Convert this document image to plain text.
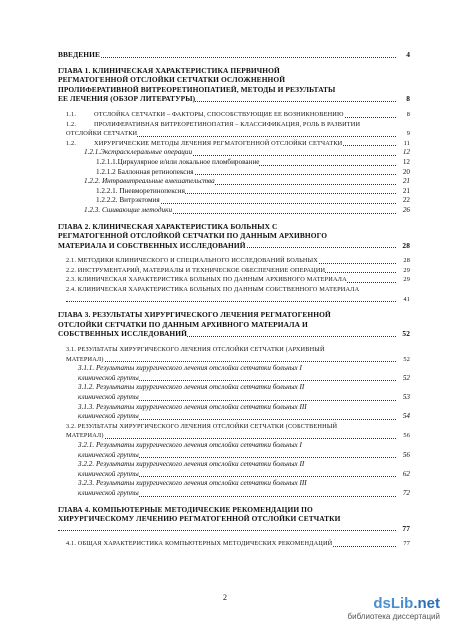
ВВЕДЕНИЕ	4
ГЛАВА 1. КЛИНИЧЕСКАЯ ХАРАКТЕРИСТИКА ПЕРВИЧНОЙ
РЕГМАТОГЕННОЙ ОТСЛОЙКИ СЕТЧАТКИ ОСЛОЖНЕННОЙ
ПРОЛИФЕРАТИВНОЙ ВИТРЕОРЕТИНОПАТИЕЙ, МЕТОДЫ И РЕЗУЛЬТАТЫ
ЕЕ ЛЕЧЕНИЯ (ОБЗОР ЛИТЕРАТУРЫ)	8
1.1.	ОТСЛОЙКА СЕТЧАТКИ – ФАКТОРЫ, СПОСОБСТВУЮЩИЕ ЕЕ ВОЗНИКНОВЕНИЮ	8
1.2.	ПРОЛИФЕРАТИВНАЯ ВИТРЕОРЕТИНОПАТИЯ – КЛАССИФИКАЦИЯ, РОЛЬ В РАЗВИТИИ
ОТСЛОЙКИ СЕТЧАТКИ	9
1.2.	ХИРУРГИЧЕСКИЕ МЕТОДЫ ЛЕЧЕНИЯ РЕГМАТОГЕННОЙ ОТСЛОЙКИ СЕТЧАТКИ	11
1.2.1.Экстрасклеральные операции	12
1.2.1.1.Циркулярное и/или локальное пломбирование	12
1.2.1.2 Баллонная ретинопексия	20
1.2.2. Интравитреальные вмешательства	21
1.2.2.1. Пневморетинопексия	21
1.2.2.2. Витрэктомия	22
1.2.3. Сшивающие методики	26
ГЛАВА 2. КЛИНИЧЕСКАЯ ХАРАКТЕРИСТИКА БОЛЬНЫХ С
РЕГМАТОГЕННОЙ ОТСЛОЙКОЙ СЕТЧАТКИ ПО ДАННЫМ АРХИВНОГО
МАТЕРИАЛА И СОБСТВЕННЫХ ИССЛЕДОВАНИЙ	28
2.1. МЕТОДИКИ КЛИНИЧЕСКОГО И СПЕЦИАЛЬНОГО ИССЛЕДОВАНИЙ БОЛЬНЫХ	28
2.2. ИНСТРУМЕНТАРИЙ, МАТЕРИАЛЫ И ТЕХНИЧЕСКОЕ ОБЕСПЕЧЕНИЕ ОПЕРАЦИИ	29
2.3. КЛИНИЧЕСКАЯ ХАРАКТЕРИСТИКА БОЛЬНЫХ ПО ДАННЫМ АРХИВНОГО МАТЕРИАЛА	29
2.4. КЛИНИЧЕСКАЯ ХАРАКТЕРИСТИКА БОЛЬНЫХ ПО ДАННЫМ СОБСТВЕННОГО МАТЕРИАЛА
41
ГЛАВА 3. РЕЗУЛЬТАТЫ ХИРУРГИЧЕСКОГО ЛЕЧЕНИЯ РЕГМАТОГЕННОЙ
ОТСЛОЙКИ СЕТЧАТКИ ПО ДАННЫМ АРХИВНОГО МАТЕРИАЛА И
СОБСТВЕННЫХ ИССЛЕДОВАНИЙ	52
3.1. РЕЗУЛЬТАТЫ ХИРУРГИЧЕСКОГО ЛЕЧЕНИЯ ОТСЛОЙКИ СЕТЧАТКИ (АРХИВНЫЙ
МАТЕРИАЛ)	52
3.1.1. Результаты хирургического лечения отслойки сетчатки больных I
клинической группы	52
3.1.2. Результаты хирургического лечения отслойки сетчатки больных II
клинической группы	53
3.1.3. Результаты хирургического лечения отслойки сетчатки больных III
клинической группы	54
3.2. РЕЗУЛЬТАТЫ ХИРУРГИЧЕСКОГО ЛЕЧЕНИЯ ОТСЛОЙКИ СЕТЧАТКИ (СОБСТВЕННЫЙ
МАТЕРИАЛ)	56
3.2.1. Результаты хирургического лечения отслойки сетчатки больных I
клинической группы	56
3.2.2. Результаты хирургического лечения отслойки сетчатки больных II
клинической группы	62
3.2.3. Результаты хирургического лечения отслойки сетчатки больных III
клинической группы	72
ГЛАВА 4. КОМПЬЮТЕРНЫЕ МЕТОДИЧЕСКИЕ РЕКОМЕНДАЦИИ ПО
ХИРУРГИЧЕСКОМУ ЛЕЧЕНИЮ РЕГМАТОГЕННОЙ ОТСЛОЙКИ СЕТЧАТКИ
77
4.1. ОБЩАЯ ХАРАКТЕРИСТИКА КОМПЬЮТЕРНЫХ МЕТОДИЧЕСКИХ РЕКОМЕНДАЦИЙ	77
2	dsLib.net
библиотека диссертаций
